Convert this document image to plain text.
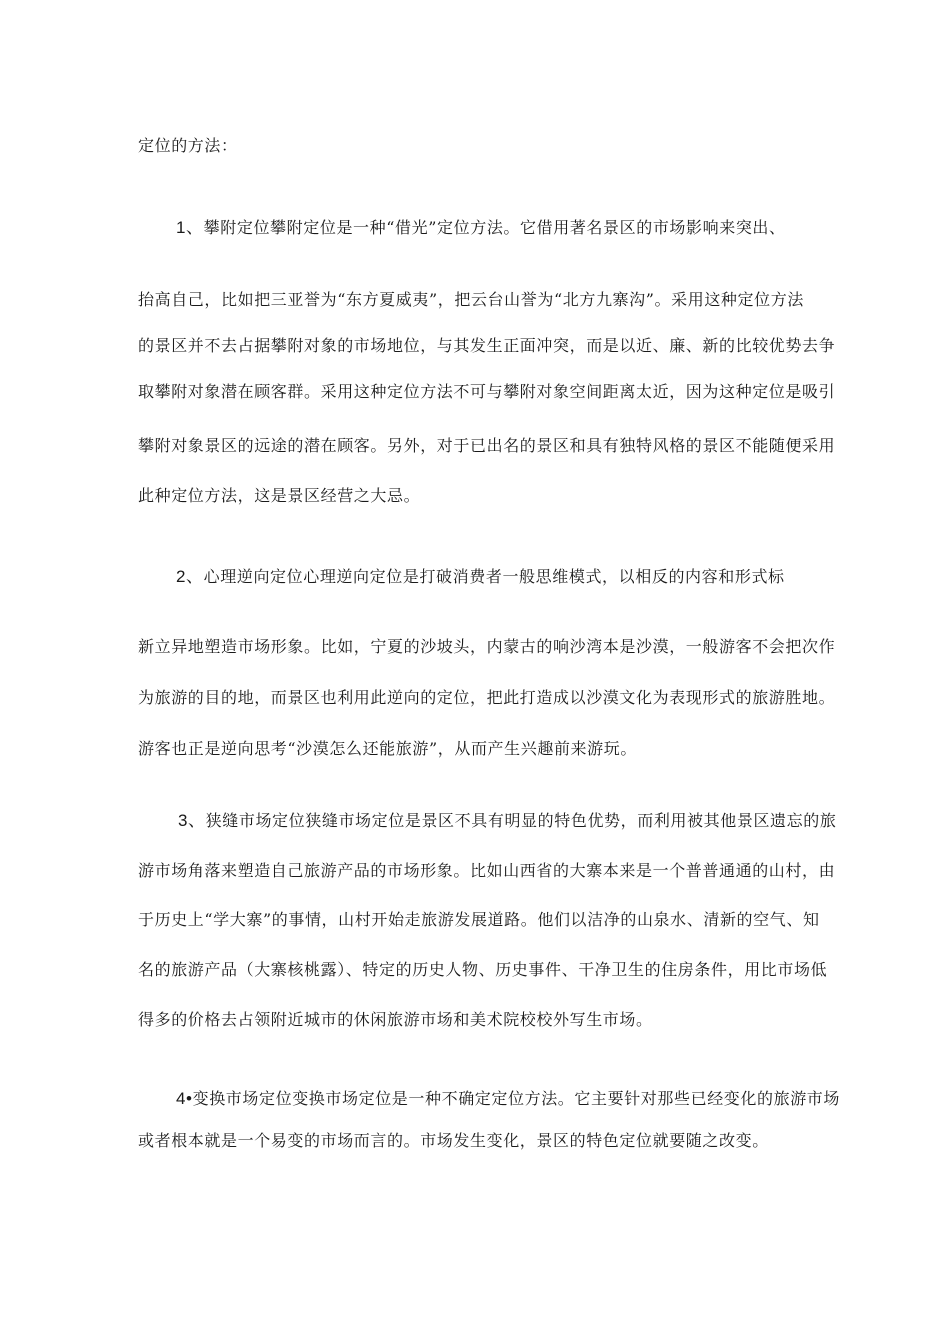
定位的方法：
1、攀附定位攀附定位是一种“借光”定位方法。它借用著名景区的市场影响来突出、
抬高自己，比如把三亚誉为“东方夏威夷”，把云台山誉为“北方九寨沟”。采用这种定位方法
的景区并不去占据攀附对象的市场地位，与其发生正面冲突，而是以近、廉、新的比较优势去争
取攀附对象潜在顾客群。采用这种定位方法不可与攀附对象空间距离太近，因为这种定位是吸引
攀附对象景区的远途的潜在顾客。另外，对于已出名的景区和具有独特风格的景区不能随便采用
此种定位方法，这是景区经营之大忌。
2、心理逆向定位心理逆向定位是打破消费者一般思维模式，以相反的内容和形式标
新立异地塑造市场形象。比如，宁夏的沙坡头，内蒙古的响沙湾本是沙漠，一般游客不会把次作
为旅游的目的地，而景区也利用此逆向的定位，把此打造成以沙漠文化为表现形式的旅游胜地。
游客也正是逆向思考“沙漠怎么还能旅游”，从而产生兴趣前来游玩。
3、狭缝市场定位狭缝市场定位是景区不具有明显的特色优势，而利用被其他景区遗忘的旅
游市场角落来塑造自己旅游产品的市场形象。比如山西省的大寨本来是一个普普通通的山村，由
于历史上“学大寨”的事情，山村开始走旅游发展道路。他们以洁净的山泉水、清新的空气、知
名的旅游产品（大寨核桃露）、特定的历史人物、历史事件、干净卫生的住房条件，用比市场低
得多的价格去占领附近城市的休闲旅游市场和美术院校校外写生市场。
4•变换市场定位变换市场定位是一种不确定定位方法。它主要针对那些已经变化的旅游市场
或者根本就是一个易变的市场而言的。市场发生变化，景区的特色定位就要随之改变。
